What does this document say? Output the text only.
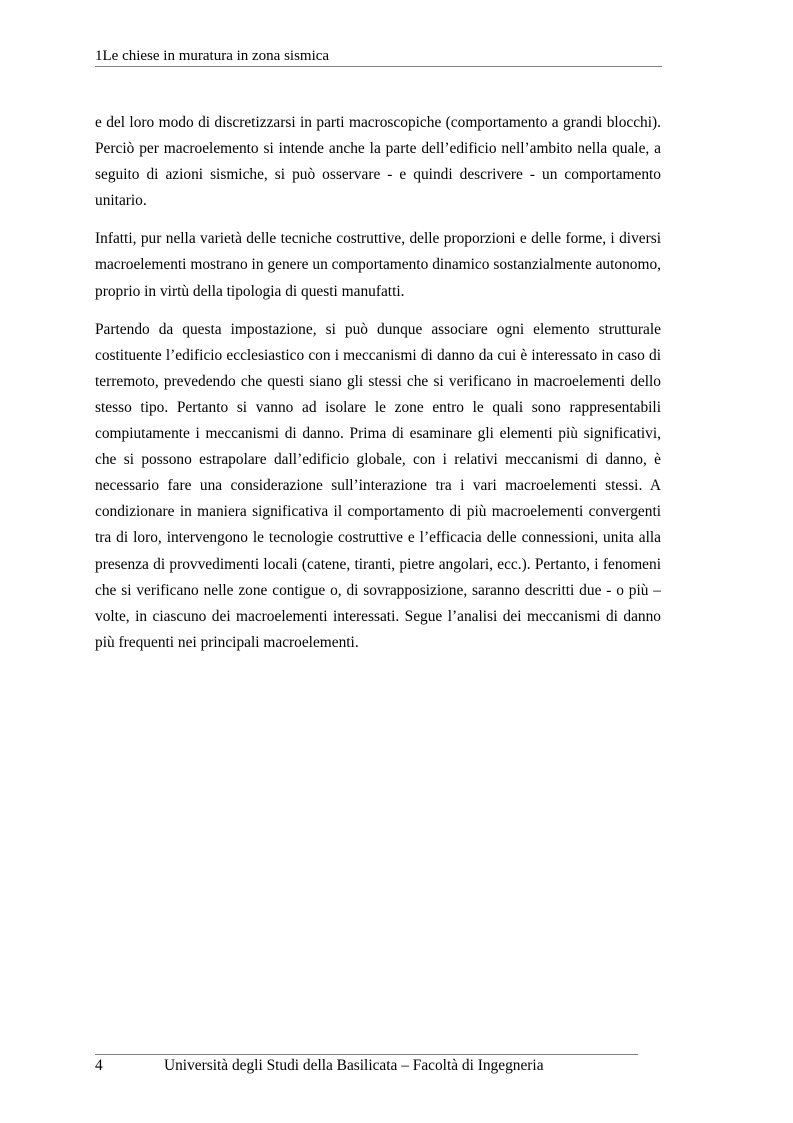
1Le chiese in muratura in zona sismica

e del loro modo di discretizzarsi in parti macroscopiche (comportamento a grandi blocchi). Perciò per macroelemento si intende anche la parte dell’edificio nell’ambito nella quale, a seguito di azioni sismiche, si può osservare - e quindi descrivere - un comportamento unitario.

Infatti, pur nella varietà delle tecniche costruttive, delle proporzioni e delle forme, i diversi macroelementi mostrano in genere un comportamento dinamico sostanzialmente autonomo, proprio in virtù della tipologia di questi manufatti.

Partendo da questa impostazione, si può dunque associare ogni elemento strutturale costituente l’edificio ecclesiastico con i meccanismi di danno da cui è interessato in caso di terremoto, prevedendo che questi siano gli stessi che si verificano in macroelementi dello stesso tipo. Pertanto si vanno ad isolare le zone entro le quali sono rappresentabili compiutamente i meccanismi di danno. Prima di esaminare gli elementi più significativi, che si possono estrapolare dall’edificio globale, con i relativi meccanismi di danno, è necessario fare una considerazione sull’interazione tra i vari macroelementi stessi. A condizionare in maniera significativa il comportamento di più macroelementi convergenti tra di loro, intervengono le tecnologie costruttive e l’efficacia delle connessioni, unita alla presenza di provvedimenti locali (catene, tiranti, pietre angolari, ecc.). Pertanto, i fenomeni che si verificano nelle zone contigue o, di sovrapposizione, saranno descritti due - o più – volte, in ciascuno dei macroelementi interessati. Segue l’analisi dei meccanismi di danno più frequenti nei principali macroelementi.

4	Università degli Studi della Basilicata – Facoltà di Ingegneria
